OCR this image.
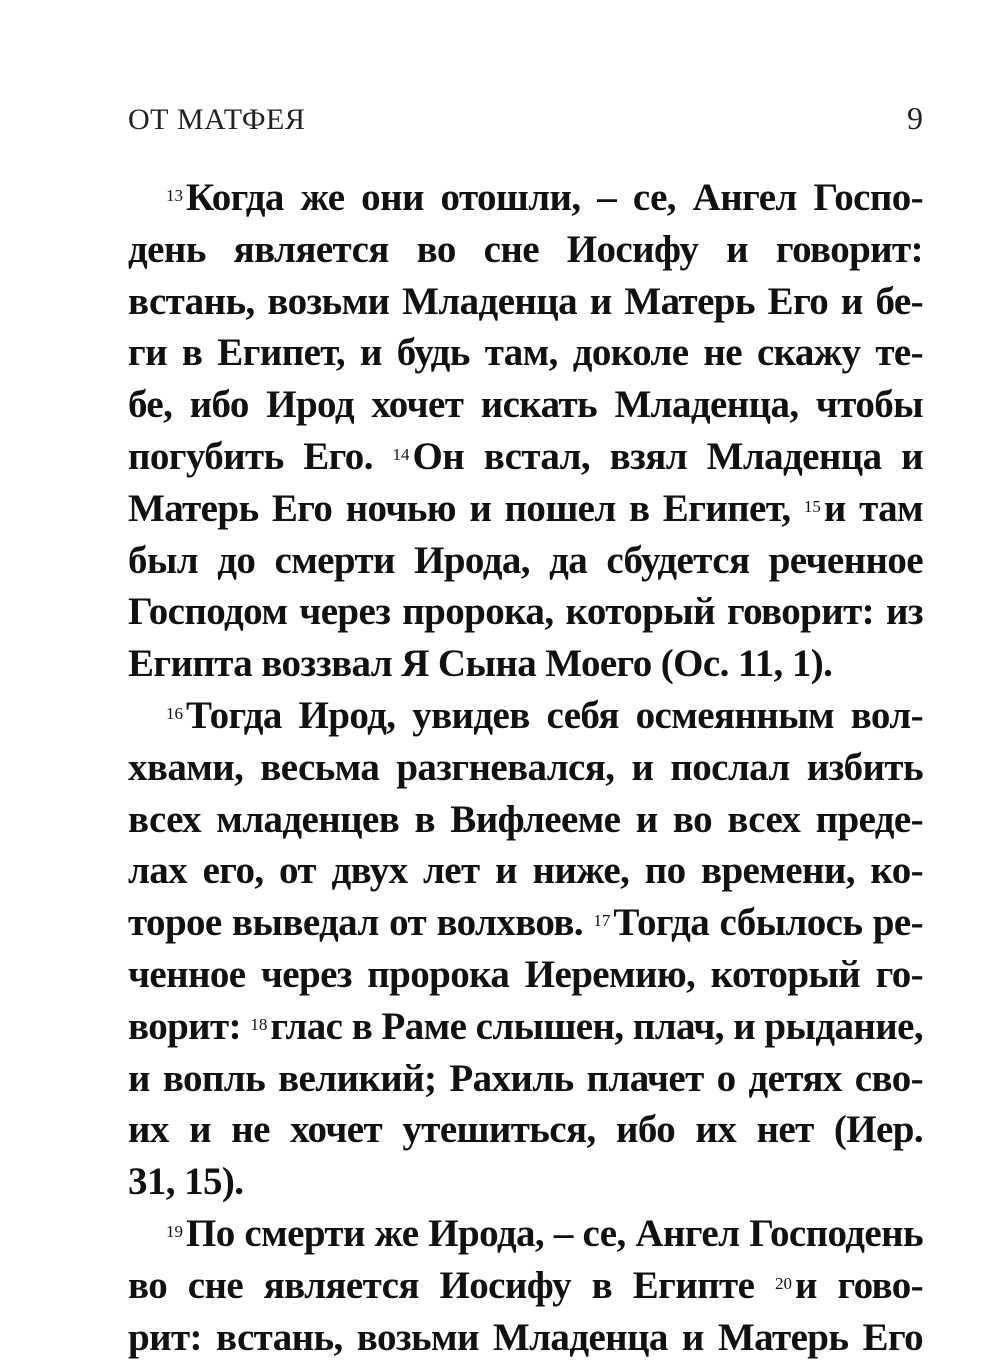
ОТ МАТФЕЯ	9
$^{13}$Когда же они отошли, – се, Ангел Госпо-
день является во сне Иосифу и говорит:
встань, возьми Младенца и Матерь Его и бе-
ги в Египет, и будь там, доколе не скажу те-
бе, ибо Ирод хочет искать Младенца, чтобы
погубить Его. $^{14}$Он встал, взял Младенца и
Матерь Его ночью и пошел в Египет, $^{15}$и там
был до смерти Ирода, да сбудется реченное
Господом через пророка, который говорит: из
Египта воззвал Я Сына Моего (Ос. 11, 1).
$^{16}$Тогда Ирод, увидев себя осмеянным вол-
хвами, весьма разгневался, и послал избить
всех младенцев в Вифлееме и во всех преде-
лах его, от двух лет и ниже, по времени, ко-
торое выведал от волхвов. $^{17}$Тогда сбылось ре-
ченное через пророка Иеремию, который го-
ворит: $^{18}$глас в Раме слышен, плач, и рыдание,
и вопль великий; Рахиль плачет о детях сво-
их и не хочет утешиться, ибо их нет (Иер.
31, 15).
$^{19}$По смерти же Ирода, – се, Ангел Господень
во сне является Иосифу в Египте $^{20}$и гово-
рит: встань, возьми Младенца и Матерь Его
